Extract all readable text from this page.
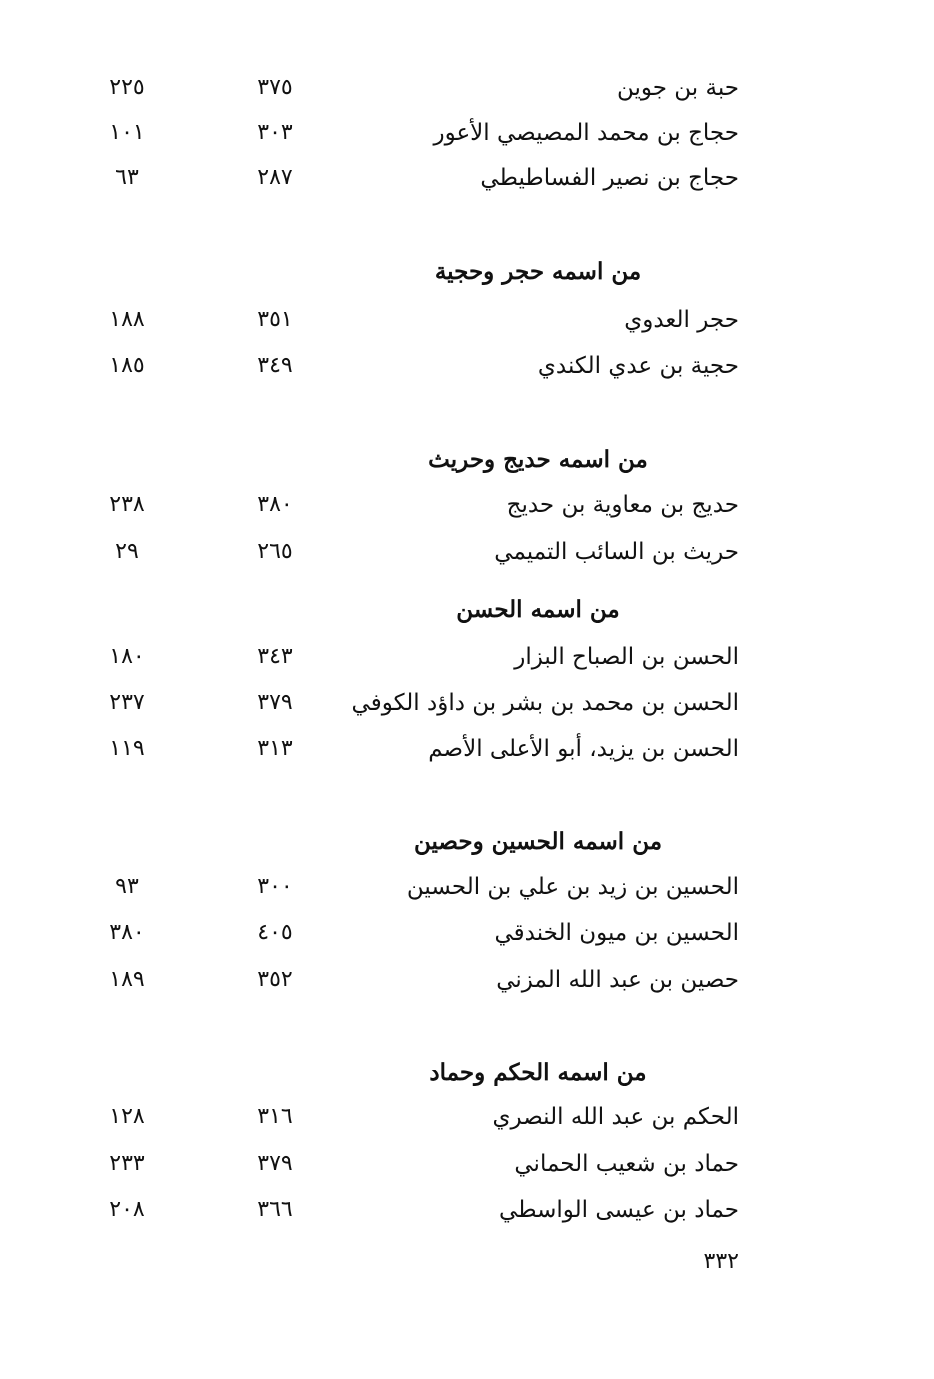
حبة بن جوين
٣٧٥
٢٢٥
حجاج بن محمد المصيصي الأعور
٣٠٣
١٠١
حجاج بن نصير الفساطيطي
٢٨٧
٦٣
من اسمه حجر وحجية
حجر العدوي
٣٥١
١٨٨
حجية بن عدي الكندي
٣٤٩
١٨٥
من اسمه حديج وحريث
حديج بن معاوية بن حديج
٣٨٠
٢٣٨
حريث بن السائب التميمي
٢٦٥
٢٩
من اسمه الحسن
الحسن بن الصباح البزار
٣٤٣
١٨٠
الحسن بن محمد بن بشر بن داؤد الكوفي
٣٧٩
٢٣٧
الحسن بن يزيد، أبو الأعلى الأصم
٣١٣
١١٩
من اسمه الحسين وحصين
الحسين بن زيد بن علي بن الحسين
٣٠٠
٩٣
الحسين بن ميون الخندقي
٤٠٥
٣٨٠
حصين بن عبد الله المزني
٣٥٢
١٨٩
من اسمه الحكم وحماد
الحكم بن عبد الله النصري
٣١٦
١٢٨
حماد بن شعيب الحماني
٣٧٩
٢٣٣
حماد بن عيسى الواسطي
٣٦٦
٢٠٨
٣٣٢
